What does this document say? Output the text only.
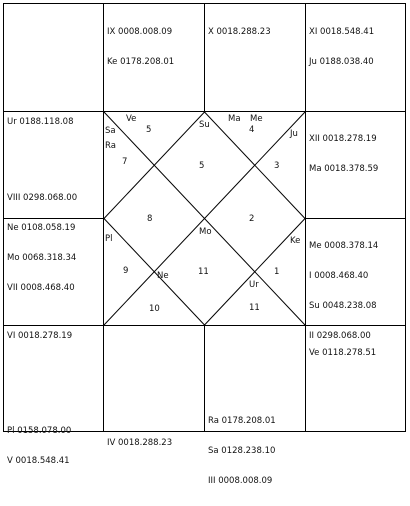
5	4
3
7	5
2
8
9	1
10
11
11
Ve
Sa
Ra
Su
Ma Me
Ju
Pl
Mo
Ke
Ne
Ur

Ur 0188.118.08

IX 0008.008.09

Ke 0178.208.01

X 0018.288.23

	XI 0018.548.41

Ju 0188.038.40

XII 0018.278.19

Ma 0018.378.59

VIII 0298.068.00

Ne 0108.058.19

Mo 0068.318.34

VII 0008.468.40

Me 0008.378.14

I 0008.468.40

Su 0048.238.08

II 0298.068.00

VI 0018.278.19

Ve 0118.278.51

Pl 0158.078.00

V 0018.548.41

IV 0018.288.23

Ra 0178.208.01

Sa 0128.238.10

III 0008.008.09
